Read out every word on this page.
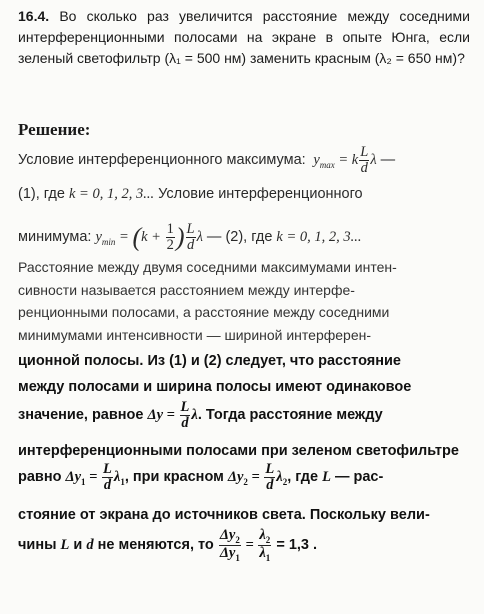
16.4. Во сколько раз увеличится расстояние между соседними интерференционными полосами на экране в опыте Юнга, если зеленый светофильтр (λ₁ = 500 нм) заменить красным (λ₂ = 650 нм)?
Решение:
Условие интерференционного максимума:  $y_{max} = k \frac{L}{d}$ λ —
(1), где k = 0, 1, 2, 3... Условие интерференционного
минимума: $y_{min} = (k + \frac{1}{2}$ ) $\frac{L}{d}$ λ — (2), где k = 0, 1, 2, 3...
Расстояние между двумя соседними максимумами интен-
сивности называется расстоянием между интерфе-
ренционными полосами, а расстояние между соседними
минимумами интенсивности — шириной интерферен-
ционной полосы. Из (1) и (2) следует, что расстояние
между полосами и ширина полосы имеют одинаковое
значение, равное $\Delta y = \frac{L}{d} \lambda$. Тогда расстояние между
интерференционными полосами при зеленом светофильтре
равно $\Delta y_1 = \frac{L}{d} \lambda_1$, при красном $\Delta y_2 = \frac{L}{d} \lambda_2$, где L — рас-
стояние от экрана до источников света. Поскольку вели-
чины L и d не меняются, то $\frac{\Delta y_2}{\Delta y_1} = \frac{\lambda_2}{\lambda_1} = 1,3$ .
